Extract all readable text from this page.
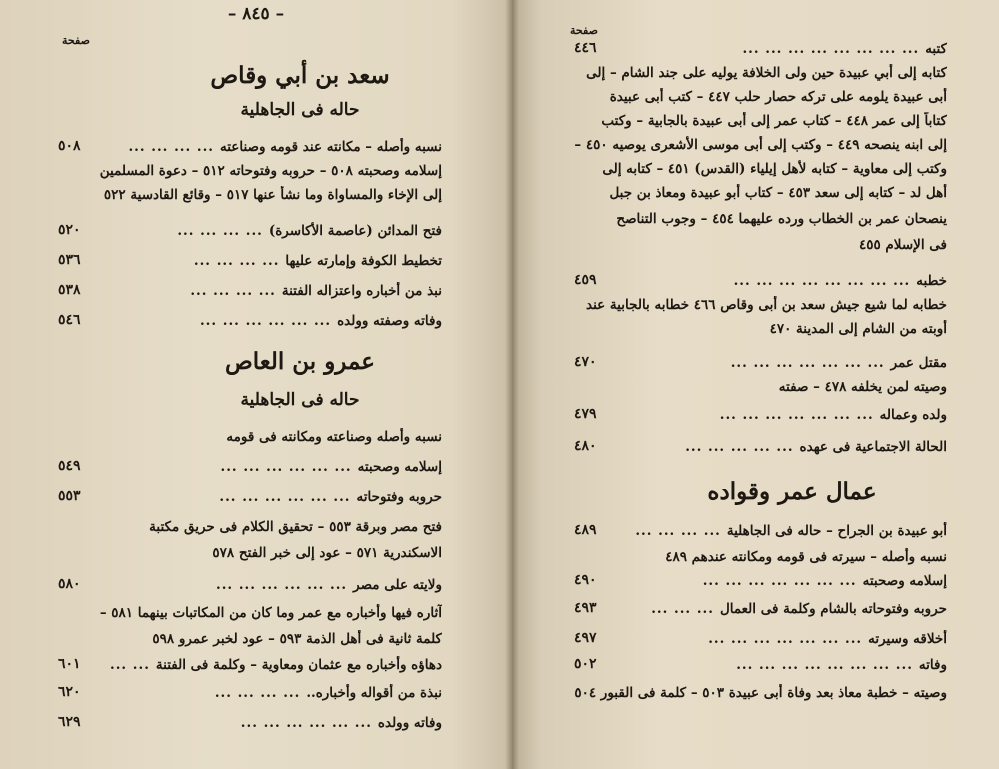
– ٨٤٥ –
صفحة
سعد بن أبي وقاص
حاله فى الجاهلية
نسبه وأصله – مكانته عند قومه وصناعته... ... ... ...
٥٠٨
إسلامه وصحبته ٥٠٨ – حروبه وفتوحاته ٥١٢ – دعوة المسلمين
إلى الإخاء والمساواة وما نشأ عنها ٥١٧ – وقائع القادسية ٥٢٢
فتح المدائن (عاصمة الأكاسرة)... ... ... ...
٥٢٠
تخطيط الكوفة وإمارته عليها... ... ... ...
٥٣٦
نبذ من أخباره واعتزاله الفتنة... ... ... ...
٥٣٨
وفاته وصفته وولده... ... ... ... ... ...
٥٤٦
عمرو بن العاص
حاله فى الجاهلية
نسبه وأصله وصناعته ومكانته فى قومه
إسلامه وصحبته... ... ... ... ... ...
٥٤٩
حروبه وفتوحاته... ... ... ... ... ...
٥٥٣
فتح مصر وبرقة ٥٥٣ – تحقيق الكلام فى حريق مكتبة
الاسكندرية ٥٧١ – عود إلى خبر الفتح ٥٧٨
ولايته على مصر... ... ... ... ... ...
٥٨٠
آثاره فيها وأخباره مع عمر وما كان من المكاتبات بينهما ٥٨١ –
كلمة ثانية فى أهل الذمة ٥٩٣ – عود لخبر عمرو ٥٩٨
دهاؤه وأخباره مع عثمان ومعاوية – وكلمة فى الفتنة... ...
٦٠١
نبذة من أقواله وأخباره..... ... ... ...
٦٢٠
وفاته وولده... ... ... ... ... ...
٦٢٩
صفحة
كتبه... ... ... ... ... ... ... ...
٤٤٦
كتابه إلى أبي عبيدة حين ولى الخلافة يوليه على جند الشام – إلى
أبى عبيدة يلومه على تركه حصار حلب ٤٤٧ – كتب أبى عبيدة
كتاباً إلى عمر ٤٤٨ – كتاب عمر إلى أبى عبيدة بالجابية – وكتب
إلى ابنه ينصحه ٤٤٩ – وكتب إلى أبى موسى الأشعرى يوصيه ٤٥٠ –
وكتب إلى معاوية – كتابه لأهل إيلياء (القدس) ٤٥١ – كتابه إلى
أهل لد – كتابه إلى سعد ٤٥٣ – كتاب أبو عبيدة ومعاذ بن جبل
ينصحان عمر بن الخطاب ورده عليهما ٤٥٤ – وجوب التناصح
فى الإسلام ٤٥٥
خطبه... ... ... ... ... ... ... ...
٤٥٩
خطابه لما شيع جيش سعد بن أبى وقاص ٤٦٦ خطابه بالجابية عند
أوبته من الشام إلى المدينة ٤٧٠
مقتل عمر... ... ... ... ... ... ...
٤٧٠
وصيته لمن يخلفه ٤٧٨ – صفته
ولده وعماله... ... ... ... ... ... ...
٤٧٩
الحالة الاجتماعية فى عهده... ... ... ... ...
٤٨٠
عمال عمر وقواده
أبو عبيدة بن الجراح – حاله فى الجاهلية... ... ... ...
٤٨٩
نسبه وأصله – سيرته فى قومه ومكانته عندهم ٤٨٩
إسلامه وصحبته... ... ... ... ... ... ...
٤٩٠
حروبه وفتوحاته بالشام وكلمة فى العمال... ... ...
٤٩٣
أخلاقه وسيرته... ... ... ... ... ... ...
٤٩٧
وفاته... ... ... ... ... ... ... ...
٥٠٢
وصيته – خطبة معاذ بعد وفاة أبى عبيدة ٥٠٣ – كلمة فى القبور ٥٠٤
